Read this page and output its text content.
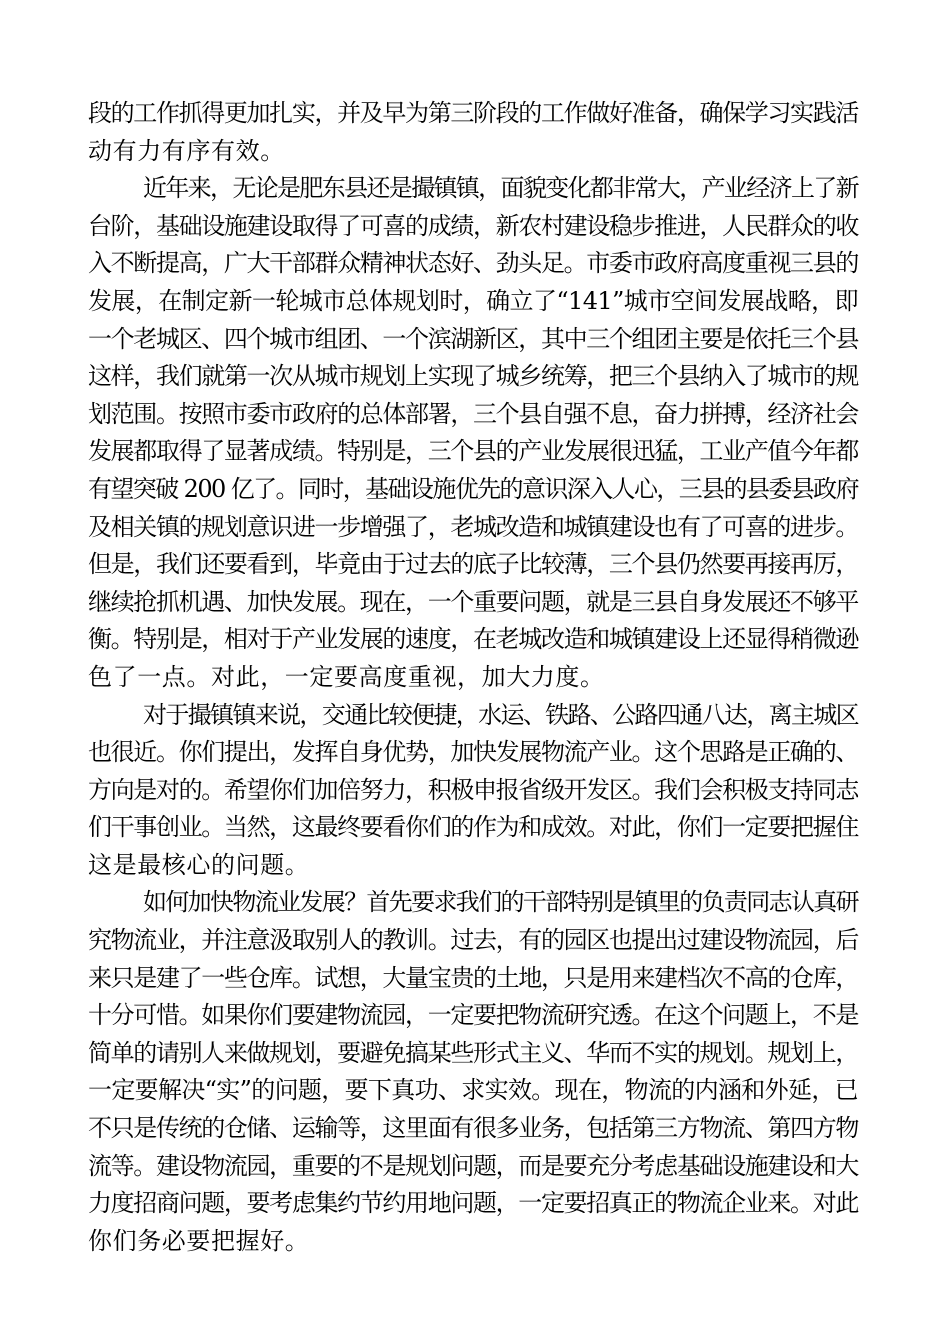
段的工作抓得更加扎实，并及早为第三阶段的工作做好准备，确保学习实践活
动有力有序有效。
近年来，无论是肥东县还是撮镇镇，面貌变化都非常大，产业经济上了新
台阶，基础设施建设取得了可喜的成绩，新农村建设稳步推进，人民群众的收
入不断提高，广大干部群众精神状态好、劲头足。市委市政府高度重视三县的
发展，在制定新一轮城市总体规划时，确立了“141”城市空间发展战略，即
一个老城区、四个城市组团、一个滨湖新区，其中三个组团主要是依托三个县
这样，我们就第一次从城市规划上实现了城乡统筹，把三个县纳入了城市的规
划范围。按照市委市政府的总体部署，三个县自强不息，奋力拼搏，经济社会
发展都取得了显著成绩。特别是，三个县的产业发展很迅猛，工业产值今年都
有望突破 200 亿了。同时，基础设施优先的意识深入人心，三县的县委县政府
及相关镇的规划意识进一步增强了，老城改造和城镇建设也有了可喜的进步。
但是，我们还要看到，毕竟由于过去的底子比较薄，三个县仍然要再接再厉，
继续抢抓机遇、加快发展。现在，一个重要问题，就是三县自身发展还不够平
衡。特别是，相对于产业发展的速度，在老城改造和城镇建设上还显得稍微逊
色了一点。对此，一定要高度重视，加大力度。
对于撮镇镇来说，交通比较便捷，水运、铁路、公路四通八达，离主城区
也很近。你们提出，发挥自身优势，加快发展物流产业。这个思路是正确的、
方向是对的。希望你们加倍努力，积极申报省级开发区。我们会积极支持同志
们干事创业。当然，这最终要看你们的作为和成效。对此，你们一定要把握住
这是最核心的问题。
如何加快物流业发展？首先要求我们的干部特别是镇里的负责同志认真研
究物流业，并注意汲取别人的教训。过去，有的园区也提出过建设物流园，后
来只是建了一些仓库。试想，大量宝贵的土地，只是用来建档次不高的仓库，
十分可惜。如果你们要建物流园，一定要把物流研究透。在这个问题上，不是
简单的请别人来做规划，要避免搞某些形式主义、华而不实的规划。规划上，
一定要解决“实”的问题，要下真功、求实效。现在，物流的内涵和外延，已
不只是传统的仓储、运输等，这里面有很多业务，包括第三方物流、第四方物
流等。建设物流园，重要的不是规划问题，而是要充分考虑基础设施建设和大
力度招商问题，要考虑集约节约用地问题，一定要招真正的物流企业来。对此
你们务必要把握好。
